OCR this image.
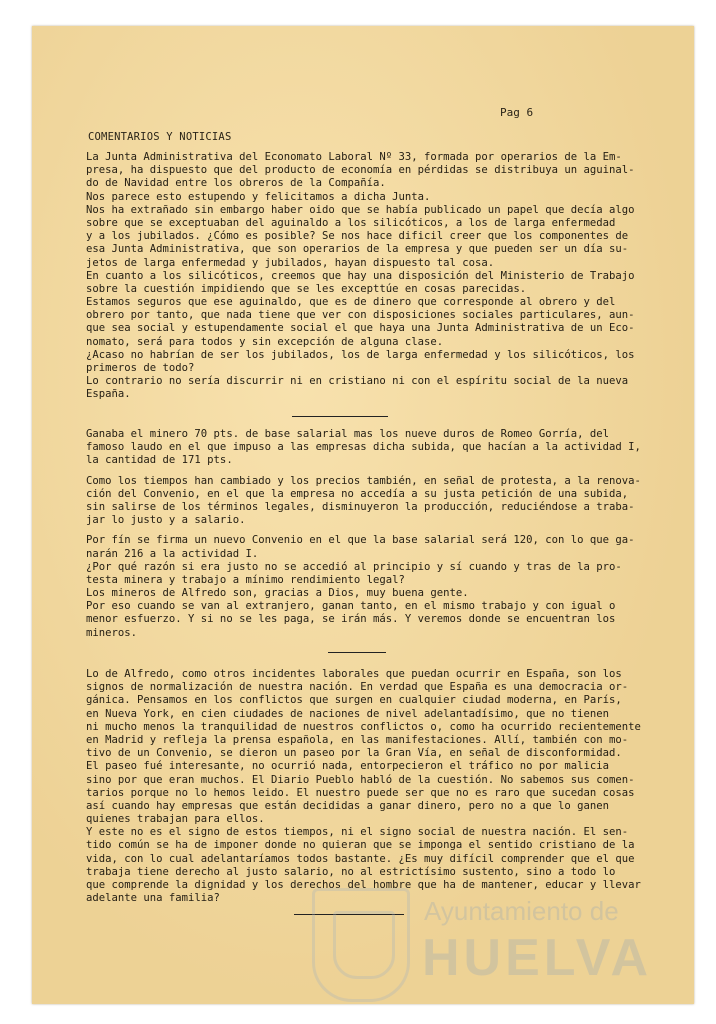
Pag 6
COMENTARIOS Y NOTICIAS
La Junta Administrativa del Economato Laboral Nº 33, formada por operarios de la Em-
presa, ha dispuesto que del producto de economía en pérdidas se distribuya un aguinal-
do de Navidad entre los obreros de la Compañía.
Nos parece esto estupendo y felicitamos a dicha Junta.
Nos ha extrañado sin embargo haber oido que se había publicado un papel que decía algo
sobre que se exceptuaban del aguinaldo a los silicóticos, a los de larga enfermedad
y a los jubilados. ¿Cómo es posible? Se nos hace dificil creer que los componentes de
esa Junta Administrativa, que son operarios de la empresa y que pueden ser un día su-
jetos de larga enfermedad y jubilados, hayan dispuesto tal cosa.
En cuanto a los silicóticos, creemos que hay una disposición del Ministerio de Trabajo
sobre la cuestión impidiendo que se les excepttúe en cosas parecidas.
Estamos seguros que ese aguinaldo, que es de dinero que corresponde al obrero y del
obrero por tanto, que nada tiene que ver con disposiciones sociales particulares, aun-
que sea social y estupendamente social el que haya una Junta Administrativa de un Eco-
nomato, será para todos y sin excepción de alguna clase.
¿Acaso no habrían de ser los jubilados, los de larga enfermedad y los silicóticos, los
primeros de todo?
Lo contrario no sería discurrir ni en cristiano ni con el espíritu social de la nueva
España.
Ganaba el minero 70 pts. de base salarial mas los nueve duros de Romeo Gorría, del
famoso laudo en el que impuso a las empresas dicha subida, que hacían a la actividad I,
la cantidad de 171 pts.
Como los tiempos han cambiado y los precios también, en señal de protesta, a la renova-
ción del Convenio, en el que la empresa no accedía a su justa petición de una subida,
sin salirse de los términos legales, disminuyeron la producción, reduciéndose a traba-
jar lo justo y a salario.
Por fín se firma un nuevo Convenio en el que la base salarial será 120, con lo que ga-
narán 216 a la actividad I.
¿Por qué razón si era justo no se accedió al principio y sí cuando y tras de la pro-
testa minera y trabajo a mínimo rendimiento legal?
Los mineros de Alfredo son, gracias a Dios, muy buena gente.
Por eso cuando se van al extranjero, ganan tanto, en el mismo trabajo y con igual o
menor esfuerzo. Y si no se les paga, se irán más. Y veremos donde se encuentran los
mineros.
Lo de Alfredo, como otros incidentes laborales que puedan ocurrir en España, son los
signos de normalización de nuestra nación. En verdad que España es una democracia or-
gánica. Pensamos en los conflictos que surgen en cualquier ciudad moderna, en París,
en Nueva York, en cien ciudades de naciones de nivel adelantadísimo, que no tienen
ni mucho menos la tranquilidad de nuestros conflictos o, como ha ocurrido recientemente
en Madrid y refleja la prensa española, en las manifestaciones. Allí, también con mo-
tivo de un Convenio, se dieron un paseo por la Gran Vía, en señal de disconformidad.
El paseo fué interesante, no ocurrió nada, entorpecieron el tráfico no por malicia
sino por que eran muchos. El Diario Pueblo habló de la cuestión. No sabemos sus comen-
tarios porque no lo hemos leido. El nuestro puede ser que no es raro que sucedan cosas
así cuando hay empresas que están decididas a ganar dinero, pero no a que lo ganen
quienes trabajan para ellos.
Y este no es el signo de estos tiempos, ni el signo social de nuestra nación. El sen-
tido común se ha de imponer donde no quieran que se imponga el sentido cristiano de la
vida, con lo cual adelantaríamos todos bastante. ¿Es muy difícil comprender que el que
trabaja tiene derecho al justo salario, no al estrictísimo sustento, sino a todo lo
que comprende la dignidad y los derechos del hombre que ha de mantener, educar y llevar
adelante una familia?	Ayuntamiento de
HUELVA
